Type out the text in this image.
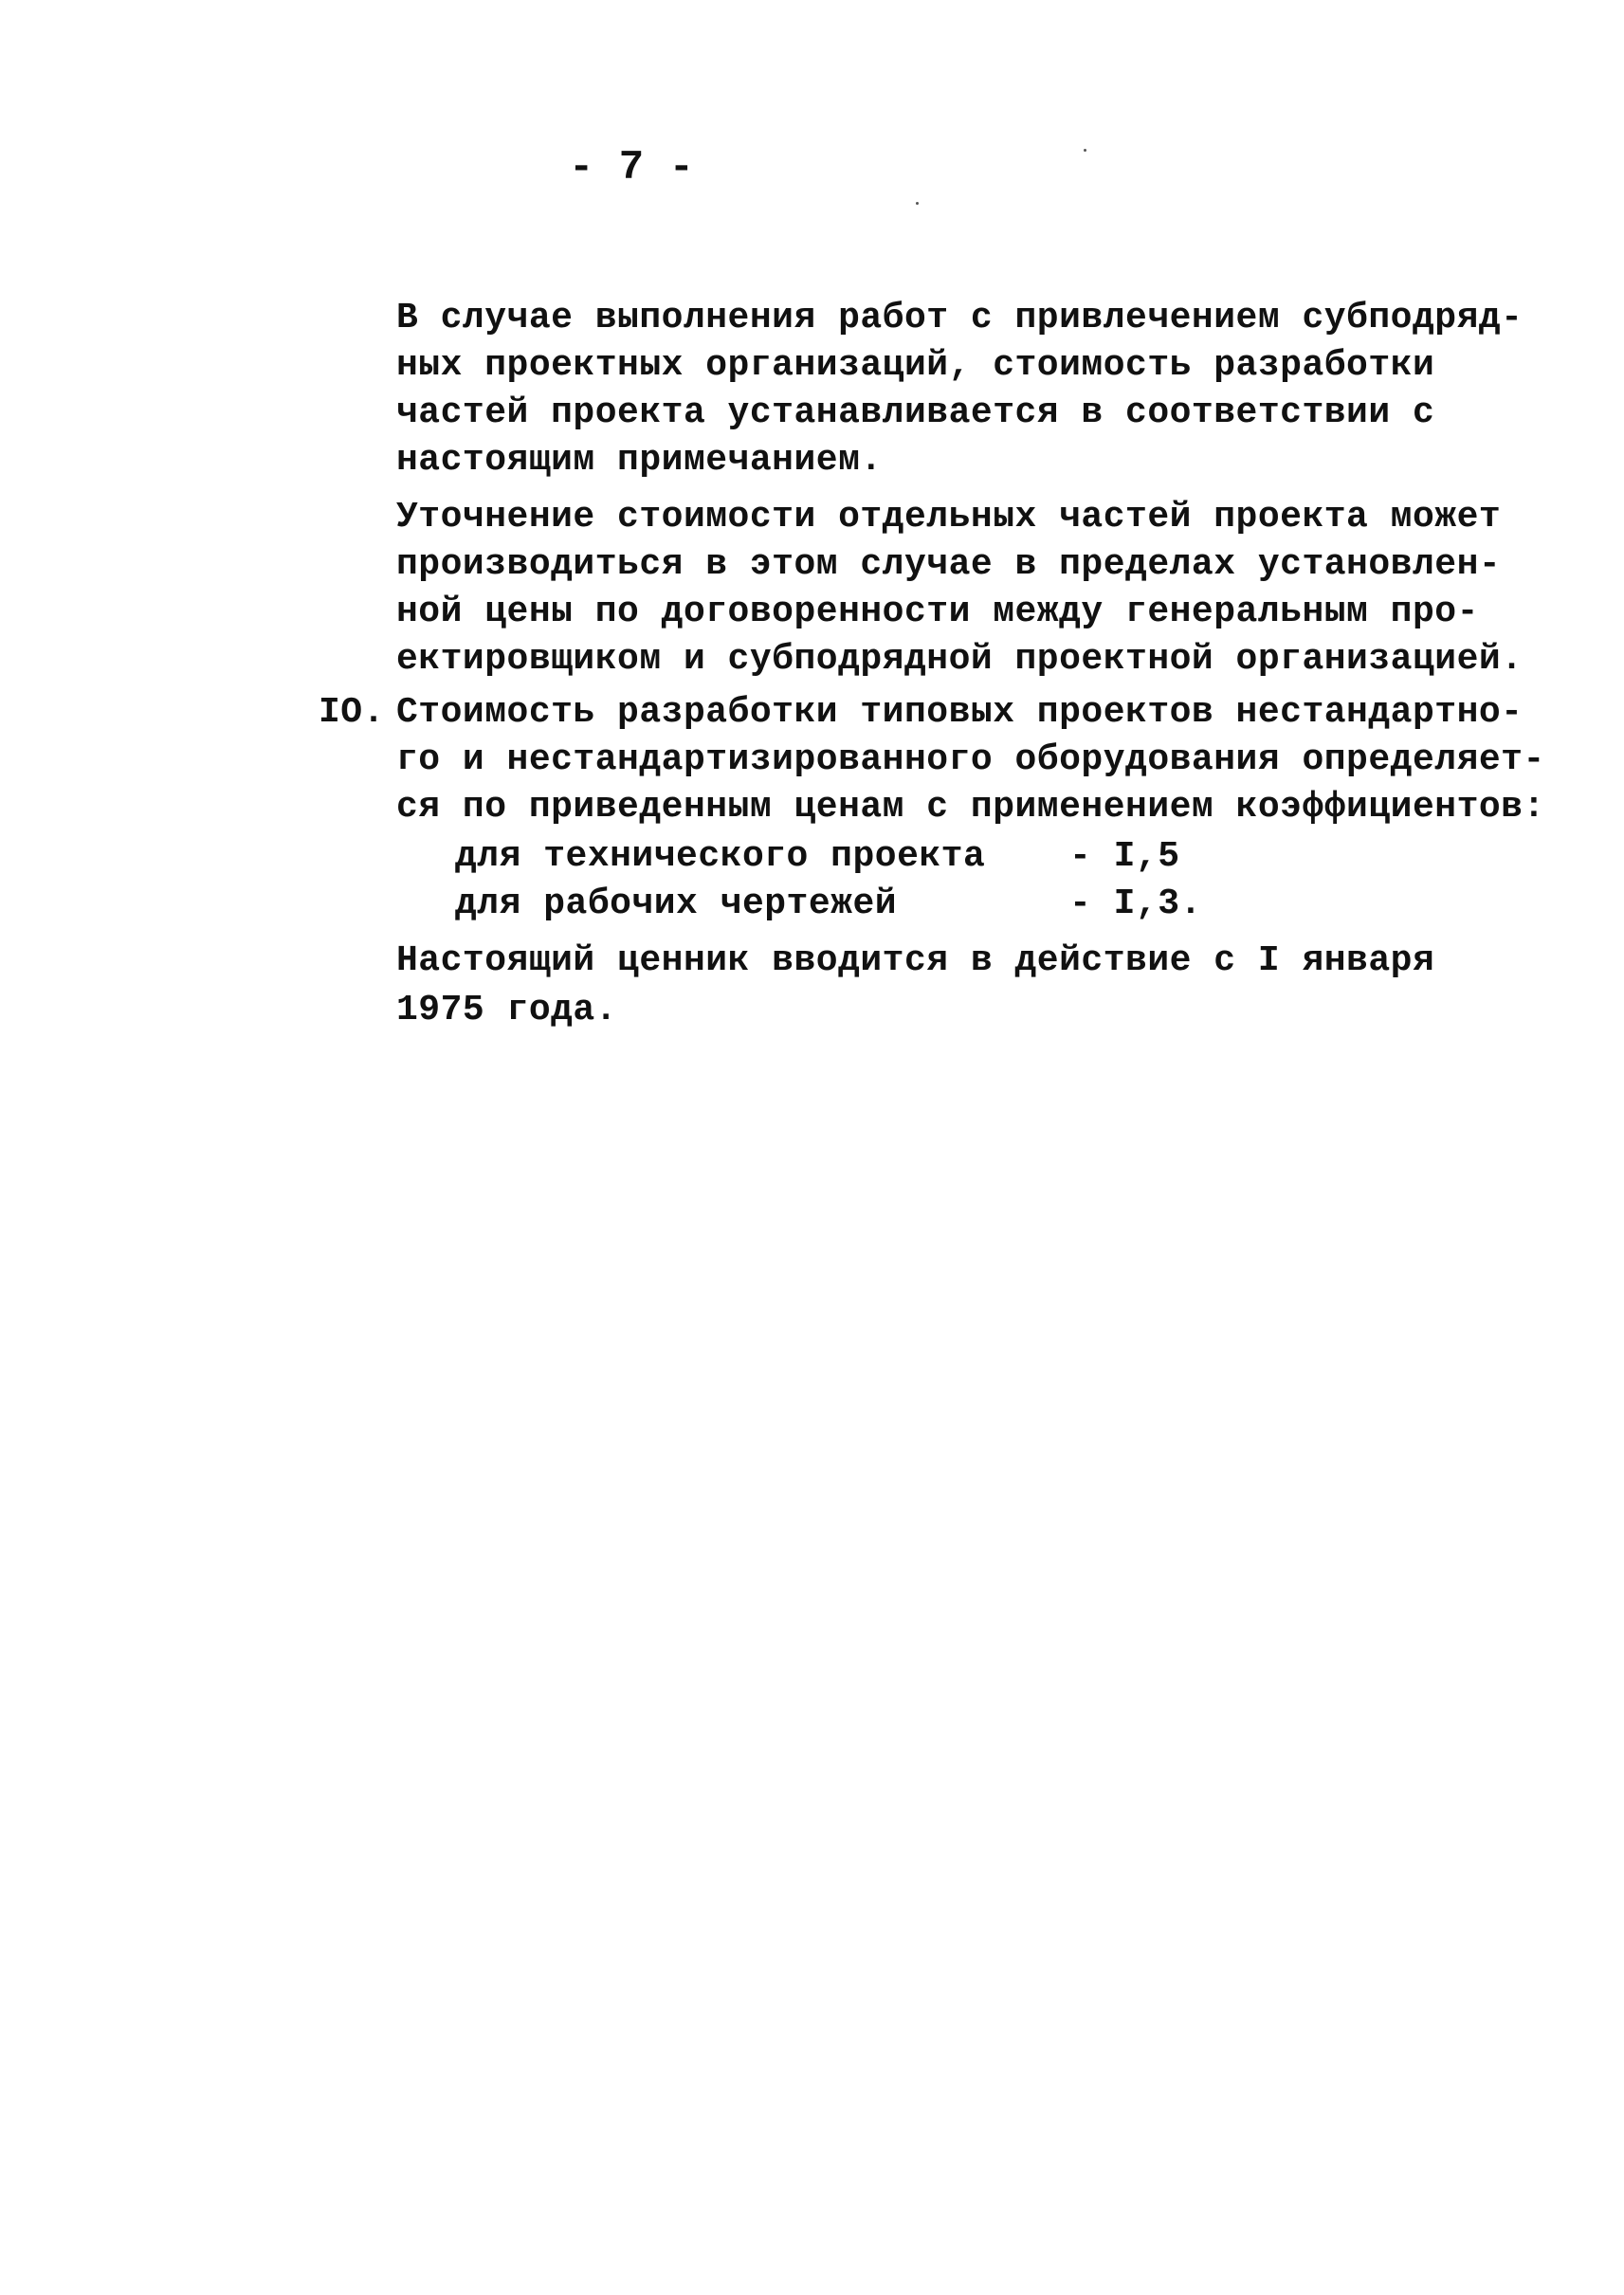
- 7 -
В случае выполнения работ с привлечением субподряд-
ных проектных организаций, стоимость разработки
частей проекта устанавливается в соответствии с
настоящим примечанием.
Уточнение стоимости отдельных частей проекта может
производиться в этом случае в пределах установлен-
ной цены по договоренности между генеральным про-
ектировщиком и субподрядной проектной организацией.
IO. Стоимость разработки типовых проектов нестандартно-
го и нестандартизированного оборудования определяет-
ся по приведенным ценам с применением коэффициентов:
для технического проекта - I,5
для рабочих чертежей	- I,3.
Настоящий ценник вводится в действие с I января
1975 года.
